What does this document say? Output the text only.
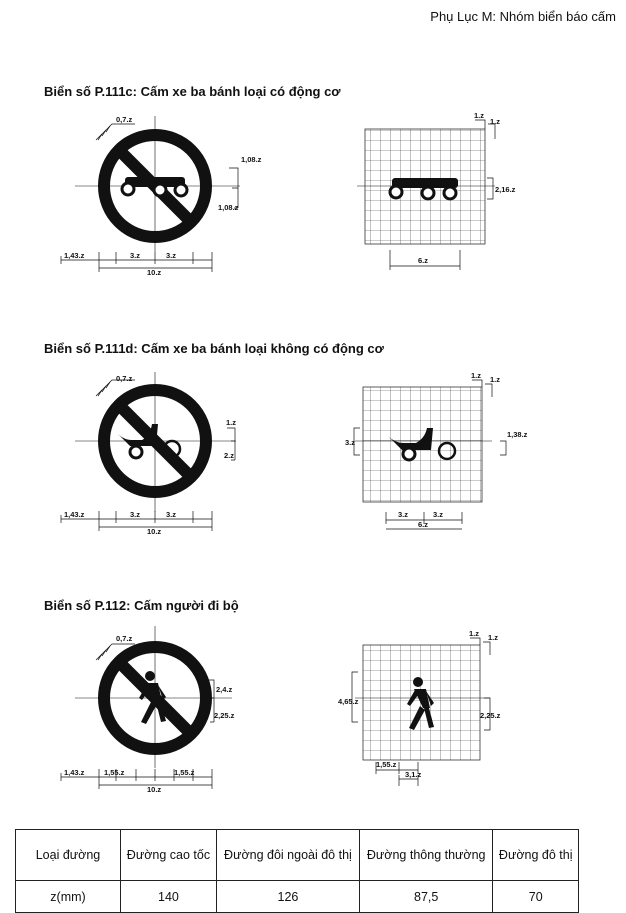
Phụ Lục M: Nhóm biển báo cấm
Biển số P.111c: Cấm xe ba bánh loại có động cơ
Biển số P.111d: Cấm xe ba bánh loại không có động cơ
Biển số P.112: Cấm người đi bộ
0,7.z
1,08.z
1,08.z
1,43.z	3.z	3.z
10.z
1.z
1.z
2,16.z
6.z
0,7.z
1.z
2.z
1,43.z	3.z	3.z
10.z
3.z
1.z 1.z
1,38.z
3.z	3.z
6.z
0,7.z
2,4.z
2,25.z
1,43.z	1,55.z	1,55.z
10.z
4,65.z
1.z 1.z
2,25.z
1,55.z
3,1.z
Loại đường	Đường cao tốc	Đường đôi ngoài đô thị	Đường thông thường	Đường đô thị
z(mm)	140	126	87,5	70
